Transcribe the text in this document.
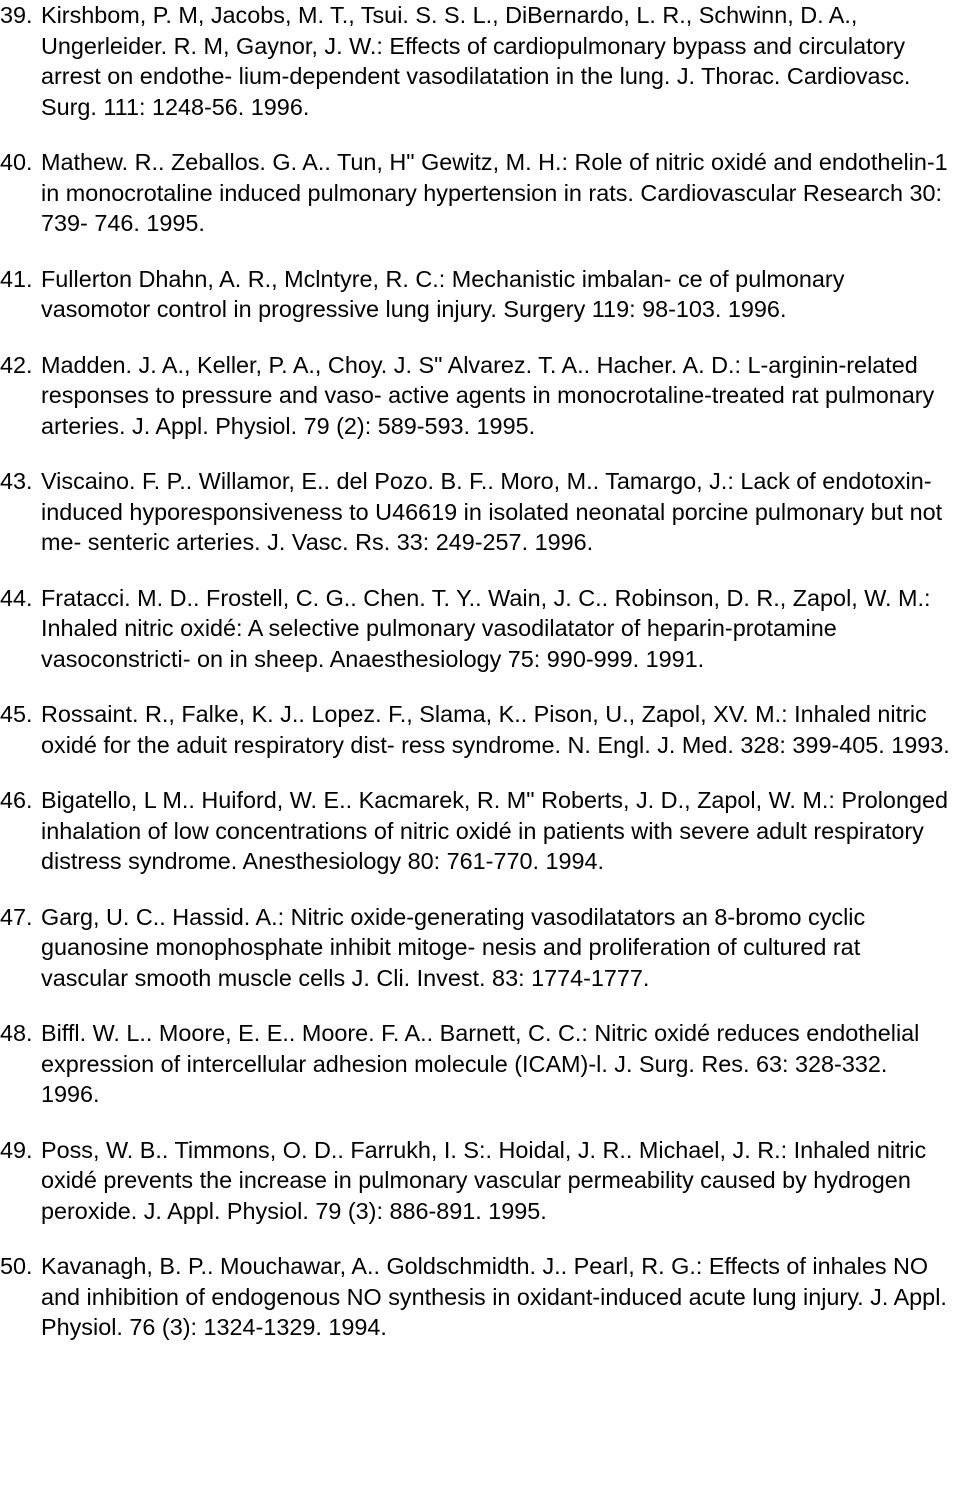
39. Kirshbom, P. M, Jacobs, M. T., Tsui. S. S. L., DiBernardo, L. R., Schwinn, D. A., Ungerleider. R. M, Gaynor, J. W.: Effects of cardiopulmonary bypass and circulatory arrest on endothe- lium-dependent vasodilatation in the lung. J. Thorac. Cardiovasc. Surg. 111: 1248-56. 1996.
40. Mathew. R.. Zeballos. G. A.. Tun, H" Gewitz, M. H.: Role of nitric oxidé and endothelin-1 in monocrotaline induced pulmonary hypertension in rats. Cardiovascular Research 30: 739- 746. 1995.
41. Fullerton Dhahn, A. R., Mclntyre, R. C.: Mechanistic imbalan- ce of pulmonary vasomotor control in progressive lung injury. Surgery 119: 98-103. 1996.
42. Madden. J. A., Keller, P. A., Choy. J. S" Alvarez. T. A.. Hacher. A. D.: L-arginin-related responses to pressure and vaso- active agents in monocrotaline-treated rat pulmonary arteries. J. Appl. Physiol. 79 (2): 589-593. 1995.
43. Viscaino. F. P.. Willamor, E.. del Pozo. B. F.. Moro, M.. Tamargo, J.: Lack of endotoxin-induced hyporesponsiveness to U46619 in isolated neonatal porcine pulmonary but not me- senteric arteries. J. Vasc. Rs. 33: 249-257. 1996.
44. Fratacci. M. D.. Frostell, C. G.. Chen. T. Y.. Wain, J. C.. Robinson, D. R., Zapol, W. M.: Inhaled nitric oxidé: A selective pulmonary vasodilatator of heparin-protamine vasoconstricti- on in sheep. Anaesthesiology 75: 990-999. 1991.
45. Rossaint. R., Falke, K. J.. Lopez. F., Slama, K.. Pison, U., Zapol, XV. M.: Inhaled nitric oxidé for the aduit respiratory dist- ress syndrome. N. Engl. J. Med. 328: 399-405. 1993.
46. Bigatello, L M.. Huiford, W. E.. Kacmarek, R. M" Roberts, J. D., Zapol, W. M.: Prolonged inhalation of low concentrations of nitric oxidé in patients with severe adult respiratory distress syndrome. Anesthesiology 80: 761-770. 1994.
47. Garg, U. C.. Hassid. A.: Nitric oxide-generating vasodilatators an 8-bromo cyclic guanosine monophosphate inhibit mitoge- nesis and proliferation of cultured rat vascular smooth muscle cells J. Cli. Invest. 83: 1774-1777.
48. Biffl. W. L.. Moore, E. E.. Moore. F. A.. Barnett, C. C.: Nitric oxidé reduces endothelial expression of intercellular adhesion molecule (ICAM)-l. J. Surg. Res. 63: 328-332. 1996.
49. Poss, W. B.. Timmons, O. D.. Farrukh, I. S:. Hoidal, J. R.. Michael, J. R.: Inhaled nitric oxidé prevents the increase in pulmonary vascular permeability caused by hydrogen peroxide. J. Appl. Physiol. 79 (3): 886-891. 1995.
50. Kavanagh, B. P.. Mouchawar, A.. Goldschmidth. J.. Pearl, R. G.: Effects of inhales NO and inhibition of endogenous NO synthesis in oxidant-induced acute lung injury. J. Appl. Physiol. 76 (3): 1324-1329. 1994.
